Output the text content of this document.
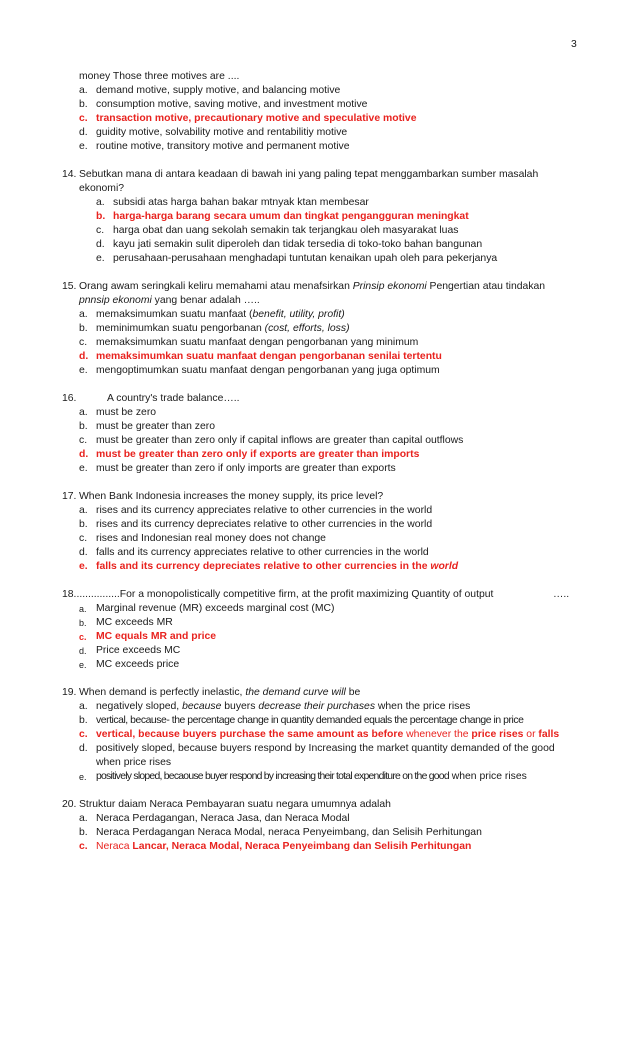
3
money Those three motives are ....
a. demand motive, supply motive, and balancing motive
b. consumption motive, saving motive, and investment motive
c. transaction motive, precautionary motive and speculative motive
d. guidity motive, solvability motive and rentabilitiy motive
e. routine motive, transitory motive and permanent motive
14. Sebutkan mana di antara keadaan di bawah ini yang paling tepat menggambarkan sumber masalah
ekonomi?
a. subsidi atas harga bahan bakar mtnyak ktan membesar
b. harga-harga barang secara umum dan tingkat pengangguran meningkat
c. harga obat dan uang sekolah semakin tak terjangkau oleh masyarakat luas
d. kayu jati semakin sulit diperoleh dan tidak tersedia di toko-toko bahan bangunan
e. perusahaan-perusahaan menghadapi tuntutan kenaikan upah oleh para pekerjanya
15. Orang awam seringkali keliru memahami atau menafsirkan Prinsip ekonomi Pengertian atau tindakan
pnnsip ekonomi yang benar adalah …..
a. memaksimumkan suatu manfaat (benefit, utility, profit)
b. meminimumkan suatu pengorbanan (cost, efforts, loss)
c. memaksimumkan suatu manfaat dengan pengorbanan yang minimum
d. memaksimumkan suatu manfaat dengan pengorbanan senilai tertentu
e. mengoptimumkan suatu manfaat dengan pengorbanan yang juga optimum
16.	A country's trade balance…..
a. must be zero
b. must be greater than zero
c. must be greater than zero only if capital inflows are greater than capital outflows
d. must be greater than zero only if exports are greater than imports
e. must be greater than zero if only imports are greater than exports
17. When Bank Indonesia increases the money supply, its price level?
a. rises and its currency appreciates relative to other currencies in the world
b. rises and its currency depreciates relative to other currencies in the world
c. rises and Indonesian real money does not change
d. falls and its currency appreciates relative to other currencies in the world
e. falls and its currency depreciates relative to other currencies in the world
18................For a monopolistically competitive firm, at the profit maximizing Quantity of output	…..
a. Marginal revenue (MR) exceeds marginal cost (MC)
b. MC exceeds MR
c. MC equals MR and price
d. Price exceeds MC
e. MC exceeds price
19. When demand is perfectly inelastic, the demand curve will be
a. negatively sloped, because buyers decrease their purchases when the price rises
b. vertical, because- the percentage change in quantity demanded equals the percentage change in price
c. vertical, because buyers purchase the same amount as before whenever the price rises or falls
d. positively sloped, because buyers respond by Increasing the market quantity demanded of the good
when price rises
e. positively sloped, becaouse buyer respond by increasing their total expenditure on the good when price rises
20. Struktur daiam Neraca Pembayaran suatu negara umumnya adalah
a. Neraca Perdagangan, Neraca Jasa, dan Neraca Modal
b. Neraca Perdagangan Neraca Modal, neraca Penyeimbang, dan Selisih Perhitungan
c. Neraca Lancar, Neraca Modal, Neraca Penyeimbang dan Selisih Perhitungan
